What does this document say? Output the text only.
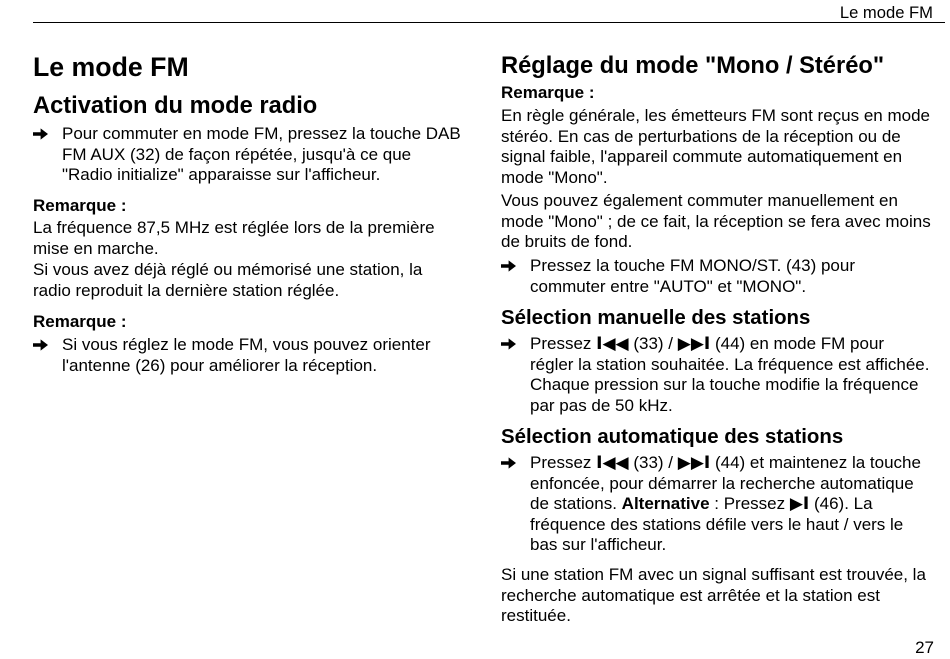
Le mode FM
Le mode FM
Activation du mode radio
Pour commuter en mode FM, pressez la touche DAB
FM AUX (32) de façon répétée, jusqu'à ce que
"Radio initialize" apparaisse sur l'afficheur.
Remarque :

La fréquence 87,5 MHz est réglée lors de la première
mise en marche.

Si vous avez déjà réglé ou mémorisé une station, la
radio reproduit la dernière station réglée.

Remarque :
Si vous réglez le mode FM, vous pouvez orienter
l'antenne (26) pour améliorer la réception.
Réglage du mode "Mono / Stéréo"
Remarque :

En règle générale, les émetteurs FM sont reçus en mode
stéréo. En cas de perturbations de la réception ou de
signal faible, l'appareil commute automatiquement en
mode "Mono".

Vous pouvez également commuter manuellement en
mode "Mono" ; de ce fait, la réception se fera avec moins
de bruits de fond.

Pressez la touche FM MONO/ST. (43) pour
commuter entre "AUTO" et "MONO".
Sélection manuelle des stations
Pressez I◀◀ (33) / ▶▶I (44) en mode FM pour
régler la station souhaitée. La fréquence est affichée.
Chaque pression sur la touche modifie la fréquence
par pas de 50 kHz.
Sélection automatique des stations
Pressez I◀◀ (33) / ▶▶I (44) et maintenez la touche
enfoncée, pour démarrer la recherche automatique
de stations. Alternative : Pressez ▶I (46). La
fréquence des stations défile vers le haut / vers le
bas sur l'afficheur.

Si une station FM avec un signal suffisant est trouvée, la
recherche automatique est arrêtée et la station est
restituée.

27
